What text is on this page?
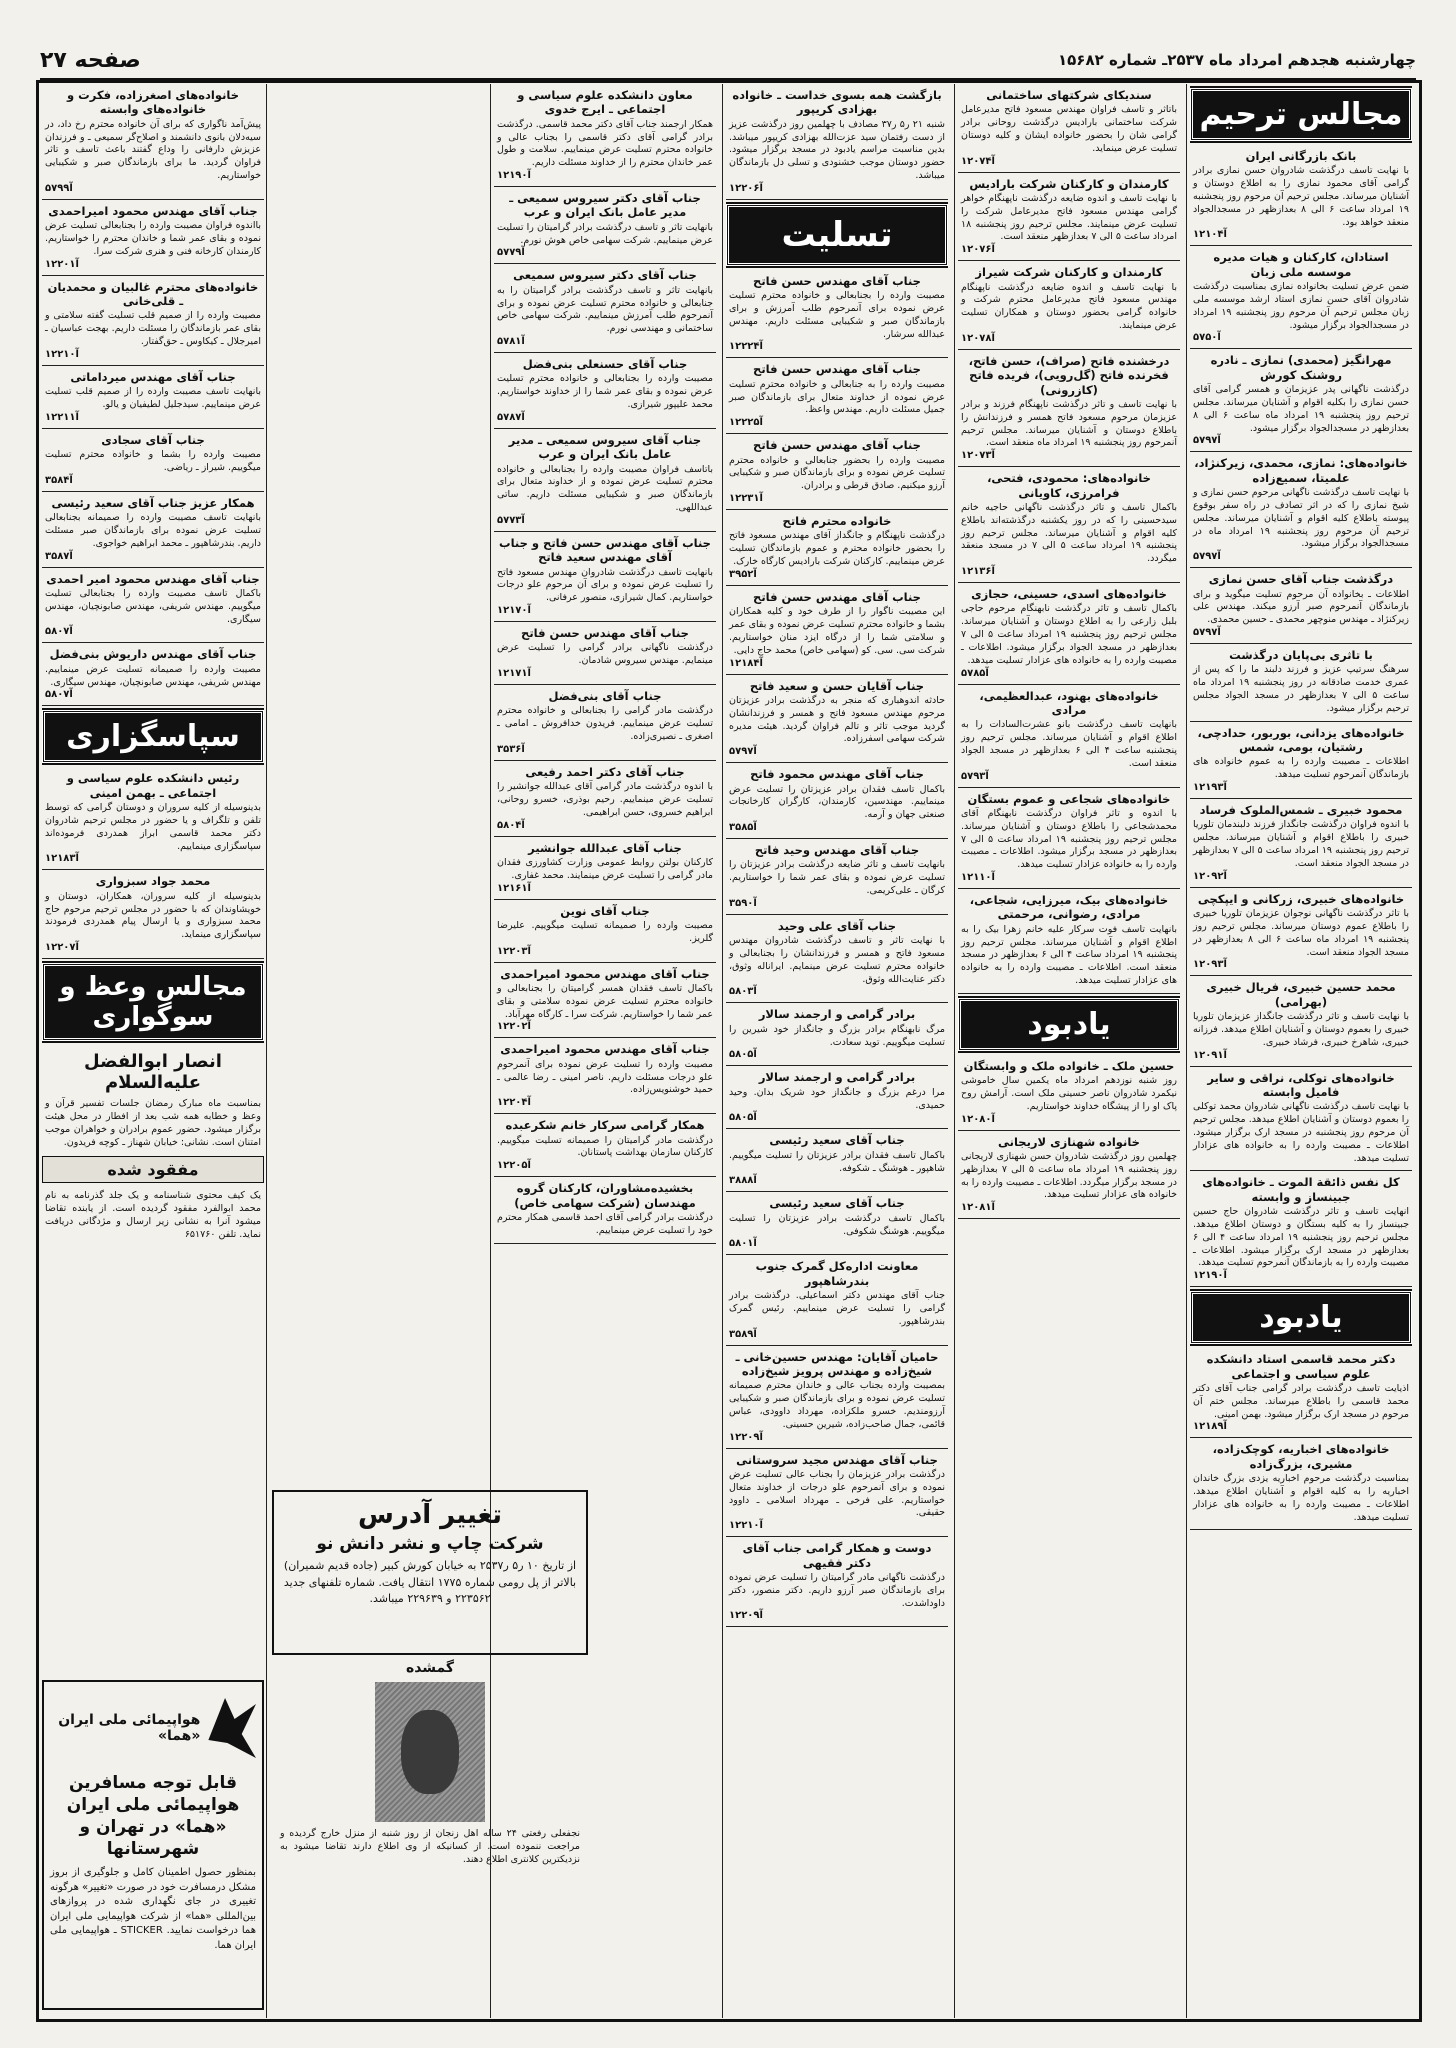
چهارشنبه هجدهم امرداد ماه ۲۵۳۷ـ شماره ۱۵۶۸۲
صفحه ۲۷
مجالس ترحیم
بانک بازرگانی ایران
با نهایت تاسف درگذشت شادروان حسن نمازی برادر گرامی آقای محمود نمازی را به اطلاع دوستان و آشنایان میرساند. مجلس ترحیم آن مرحوم روز پنجشنبه ۱۹ امرداد ساعت ۶ الی ۸ بعدازظهر در مسجدالجواد منعقد خواهد بود.
آ۱۲۱۰۴
استادان، کارکنان و هیات مدیره موسسه ملی زبان
ضمن عرض تسلیت بخانواده نمازی بمناسبت درگذشت شادروان آقای حسن نمازی استاد ارشد موسسه ملی زبان مجلس ترحیم آن مرحوم روز پنجشنبه ۱۹ امرداد در مسجدالجواد برگزار میشود.
آ۵۷۵۰
مهرانگیز (محمدی) نمازی ـ نادره روشنک کورش
درگذشت ناگهانی پدر عزیزمان و همسر گرامی آقای حسن نمازی را بکلیه اقوام و آشنایان میرساند. مجلس ترحیم روز پنجشنبه ۱۹ امرداد ماه ساعت ۶ الی ۸ بعدازظهر در مسجدالجواد برگزار میشود.
آ۵۷۹۷
خانواده‌های: نمازی، محمدی، زیرکنژاد، علمیتا، سمیع‌زاده
با نهایت تاسف درگذشت ناگهانی مرحوم حسن نمازی و شیخ نمازی را که در اثر تصادف در راه سفر بوقوع پیوسته باطلاع کلیه اقوام و آشنایان میرساند. مجلس ترحیم آن مرحوم روز پنجشنبه ۱۹ امرداد ماه در مسجدالجواد برگزار میشود.
آ۵۷۹۷
درگذشت جناب آقای حسن نمازی
اطلاعات ـ بخانواده آن مرحوم تسلیت میگوید و برای بازماندگان آنمرحوم صبر آرزو میکند. مهندس علی زیرکنژاد ـ مهندس منوچهر محمدی ـ حسین محمدی.
آ۵۷۹۷
با تاثری بی‌پایان درگذشت
سرهنگ سرتیپ عزیز و فرزند دلبند ما را که پس از عمری خدمت صادقانه در روز پنجشنبه ۱۹ امرداد ماه ساعت ۵ الی ۷ بعدازظهر در مسجد الجواد مجلس ترحیم برگزار میشود.
خانواده‌های یزدانی، بوربور، حدادچی، رشتیان، بومی، شمس
اطلاعات ـ مصیبت وارده را به عموم خانواده های بازماندگان آنمرحوم تسلیت میدهد.
آ۱۲۱۹۳
محمود خبیری ـ شمس‌الملوک فرساد
با اندوه فراوان درگذشت جانگداز فرزند دلبندمان تلوریا خبیری را باطلاع اقوام و آشنایان میرساند. مجلس ترحیم روز پنجشنبه ۱۹ امرداد ساعت ۵ الی ۷ بعدازظهر در مسجد الجواد منعقد است.
آ۱۲۰۹۲
خانواده‌های خبیری، زرکانی و ایپکچی
با تاثر درگذشت ناگهانی نوجوان عزیزمان تلوریا خبیری را باطلاع عموم دوستان میرساند. مجلس ترحیم روز پنجشنبه ۱۹ امرداد ماه ساعت ۶ الی ۸ بعدازظهر در مسجد الجواد منعقد است.
آ۱۲۰۹۳
محمد حسین خبیری، فریال خبیری (بهرامی)
با نهایت تاسف و تاثر درگذشت جانگداز عزیزمان تلوریا خبیری را بعموم دوستان و آشنایان اطلاع میدهد. فرزانه خبیری، شاهرخ خبیری، فرشاد خبیری.
آ۱۲۰۹۱
خانواده‌های توکلی، نراقی و سایر فامیل وابسته
با نهایت تاسف درگذشت ناگهانی شادروان محمد توکلی را بعموم دوستان و آشنایان اطلاع میدهد. مجلس ترحیم آن مرحوم روز پنجشنبه در مسجد ارک برگزار میشود. اطلاعات ـ مصیبت وارده را به خانواده های عزادار تسلیت میدهد.
کل نفس ذائقة الموت ـ خانواده‌های جبینساز و وابسته
انهایت تاسف و تاثر درگذشت شادروان حاج حسین جبینساز را به کلیه بستگان و دوستان اطلاع میدهد. مجلس ترحیم روز پنجشنبه ۱۹ امرداد ساعت ۴ الی ۶ بعدازظهر در مسجد ارک برگزار میشود. اطلاعات ـ مصیبت وارده را به بازماندگان آنمرحوم تسلیت میدهد.
آ۱۲۱۹۰
یادبود
دکتر محمد قاسمی استاد دانشکده علوم سیاسی و اجتماعی
اذیایت تاسف درگذشت برادر گرامی جناب آقای دکتر محمد قاسمی را باطلاع میرساند. مجلس ختم آن مرحوم در مسجد ارک برگزار میشود. بهمن امینی.
آ۱۲۱۸۹
خانواده‌های اخباریه، کوچک‌زاده، مشیری، بزرگ‌زاده
بمناسبت درگذشت مرحوم اخباریه یزدی بزرگ خاندان اخباریه را به کلیه اقوام و آشنایان اطلاع میدهد. اطلاعات ـ مصیبت وارده را به خانواده های عزادار تسلیت میدهد.
سندیکای شرکتهای ساختمانی
باتاثر و تاسف فراوان مهندس مسعود فاتح مدیرعامل شرکت ساختمانی بارادیس درگذشت روحانی برادر گرامی شان را بحضور خانواده ایشان و کلیه دوستان تسلیت عرض مینماید.
آ۱۲۰۷۴
کارمندان و کارکنان شرکت بارادیس
با نهایت تاسف و اندوه ضایعه درگذشت ناپهنگام خواهر گرامی مهندس مسعود فاتح مدیرعامل شرکت را تسلیت عرض مینمایند. مجلس ترحیم روز پنجشنبه ۱۸ امرداد ساعت ۵ الی ۷ بعدازظهر منعقد است.
آ۱۲۰۷۶
کارمندان و کارکنان شرکت شیراز
با نهایت تاسف و اندوه ضایعه درگذشت ناپهنگام مهندس مسعود فاتح مدیرعامل محترم شرکت و خانواده گرامی بحضور دوستان و همکاران تسلیت عرض مینمایند.
آ۱۲۰۷۸
درخشنده فاتح (صراف)، حسن فاتح، فخرنده فاتح (گل‌رویی)، فریده فاتح (کازرونی)
با نهایت تاسف و تاثر درگذشت ناپهنگام فرزند و برادر عزیزمان مرحوم مسعود فاتح همسر و فرزندانش را باطلاع دوستان و آشنایان میرساند. مجلس ترحیم آنمرحوم روز پنجشنبه ۱۹ امرداد ماه منعقد است.
آ۱۲۰۷۳
خانواده‌های: محمودی، فتحی، فرامرزی، کاویانی
باکمال تاسف و تاثر درگذشت ناگهانی حاجیه خانم سیدحسینی را که در روز یکشنبه درگذشته‌اند باطلاع کلیه اقوام و آشنایان میرساند. مجلس ترحیم روز پنجشنبه ۱۹ امرداد ساعت ۵ الی ۷ در مسجد منعقد میگردد.
آ۱۲۱۳۶
خانواده‌های اسدی، حسینی، حجازی
باکمال تاسف و تاثر درگذشت نابهنگام مرحوم حاجی بلبل زارعی را به اطلاع دوستان و آشنایان میرساند. مجلس ترحیم روز پنجشنبه ۱۹ امرداد ساعت ۵ الی ۷ بعدازظهر در مسجد الجواد برگزار میشود. اطلاعات ـ مصیبت وارده را به خانواده های عزادار تسلیت میدهد.
آ۵۷۸۵
خانواده‌های بهنود، عبدالعظیمی، مرادی
بانهایت تاسف درگذشت بانو عشرت‌السادات را به اطلاع اقوام و آشنایان میرساند. مجلس ترحیم روز پنجشنبه ساعت ۴ الی ۶ بعدازظهر در مسجد الجواد منعقد است.
آ۵۷۹۳
خانواده‌های شجاعی و عموم بستگان
با اندوه و تاثر فراوان درگذشت نابهنگام آقای محمدشجاعی را باطلاع دوستان و آشنایان میرساند. مجلس ترحیم روز پنجشنبه ۱۹ امرداد ساعت ۵ الی ۷ بعدازظهر در مسجد برگزار میشود. اطلاعات ـ مصیبت وارده را به خانواده عزادار تسلیت میدهد.
آ۱۲۱۱۰
خانواده‌های بیک، میرزایی، شجاعی، مرادی، رضوانی، مرحمتی
بانهایت تاسف فوت سرکار علیه خانم زهرا بیک را به اطلاع اقوام و آشنایان میرساند. مجلس ترحیم روز پنجشنبه ۱۹ امرداد ساعت ۴ الی ۶ بعدازظهر در مسجد منعقد است. اطلاعات ـ مصیبت وارده را به خانواده های عزادار تسلیت میدهد.
یادبود
حسین ملک ـ خانواده ملک و وابستگان
روز شنبه نوزدهم امرداد ماه یکمین سال خاموشی نیکمرد شادروان ناصر حسینی ملک است. آرامش روح پاک او را از پیشگاه خداوند خواستاریم.
آ۱۲۰۸۰
خانواده شهنازی لاریجانی
چهلمین روز درگذشت شادروان حسن شهنازی لاریجانی روز پنجشنبه ۱۹ امرداد ماه ساعت ۵ الی ۷ بعدازظهر در مسجد برگزار میگردد. اطلاعات ـ مصیبت وارده را به خانواده های عزادار تسلیت میدهد.
آ۱۲۰۸۱
بازگشت همه بسوی خداست ـ خانواده بهزادی کریپور
شنبه ۲۱ ر۵ ر۳۷ مصادف با چهلمین روز درگذشت عزیز از دست رفتمان سید عزت‌الله بهزادی کریپور میباشد. بدین مناسبت مراسم یادبود در مسجد برگزار میشود. حضور دوستان موجب خشنودی و تسلی دل بازماندگان میباشد.
آ۱۲۲۰۶
تسلیت
جناب آقای مهندس حسن فاتح
مصیبت وارده را بجنابعالی و خانواده محترم تسلیت عرض نموده برای آنمرحوم طلب آمرزش و برای بازماندگان صبر و شکیبایی مسئلت داریم. مهندس عبدالله سرشار.
آ۱۲۲۲۴
جناب آقای مهندس حسن فاتح
مصیبت وارده را به جنابعالی و خانواده محترم تسلیت عرض نموده از خداوند متعال برای بازماندگان صبر جمیل مسئلت داریم. مهندس واعظ.
آ۱۲۲۲۵
جناب آقای مهندس حسن فاتح
مصیبت وارده را بحضور جنابعالی و خانواده محترم تسلیت عرض نموده و برای بازماندگان صبر و شکیبایی آرزو میکنیم. صادق قرطی و برادران.
آ۱۲۲۳۱
خانواده محترم فاتح
درگذشت ناپهنگام و جانگداز آقای مهندس مسعود فاتح را بحضور خانواده محترم و عموم بازماندگان تسلیت عرض مینماییم. کارکنان شرکت بارادیس کارگاه خارک.
آ۳۹۵۲
جناب آقای مهندس حسن فاتح
این مصیبت ناگوار را از طرف خود و کلیه همکاران بشما و خانواده محترم تسلیت عرض نموده و بقای عمر و سلامتی شما را از درگاه ایزد منان خواستاریم. شرکت سی. سی. کو (سهامی خاص) محمد حاج دایی.
آ۱۲۱۸۴
جناب آقایان حسن و سعید فاتح
حادثه اندوهباری که منجر به درگذشت برادر عزیزتان مرحوم مهندس مسعود فاتح و همسر و فرزندانشان گردید موجب تاثر و تالم فراوان گردید. هیئت مدیره شرکت سهامی اسفرزاده.
آ۵۷۹۷
جناب آقای مهندس محمود فاتح
باکمال تاسف فقدان برادر عزیزتان را تسلیت عرض مینماییم. مهندسین، کارمندان، کارگران کارخانجات صنعتی جهان و آرمه.
آ۳۵۸۵
جناب آقای مهندس وحید فاتح
بانهایت تاسف و تاثر ضایعه درگذشت برادر عزیزتان را تسلیت عرض نموده و بقای عمر شما را خواستاریم. کرگان ـ علی‌کریمی.
آ۳۵۹۰
جناب آقای علی وحید
با نهایت تاثر و تاسف درگذشت شادروان مهندس مسعود فاتح و همسر و فرزندانشان را بجنابعالی و خانواده محترم تسلیت عرض مینمایم. ایراناله وثوق، دکتر عنایت‌الله وثوق.
آ۵۸۰۳
برادر گرامی و ارجمند سالار
مرگ نابهنگام برادر بزرگ و جانگداز خود شیرین را تسلیت میگوییم. توید سعادت.
آ۵۸۰۵
برادر گرامی و ارجمند سالار
مرا درغم بزرگ و جانگداز خود شریک بدان. وحید حمیدی.
آ۵۸۰۵
جناب آقای سعید رئیسی
باکمال تاسف فقدان برادر عزیزتان را تسلیت میگوییم. شاهپور ـ هوشنگ ـ شکوفه.
آ۳۸۸۸
جناب آقای سعید رئیسی
باکمال تاسف درگذشت برادر عزیزتان را تسلیت میگوییم. هوشنگ شکوفی.
آ۵۸۰۱
معاونت اداره‌کل گمرک جنوب بندرشاهپور
جناب آقای مهندس دکتر اسماعیلی. درگذشت برادر گرامی را تسلیت عرض مینماییم. رئیس گمرک بندرشاهپور.
آ۳۵۸۹
حامیان آقایان: مهندس حسین‌خانی ـ شیخ‌زاده و مهندس پرویز شیخ‌زاده
بمصیبت وارده بجناب عالی و خاندان محترم صمیمانه تسلیت عرض نموده و برای بازماندگان صبر و شکیبایی آرزومندیم. خسرو ملکزاده، مهرداد داوودی، عباس قائمی، جمال صاحب‌زاده، شیرین حسینی.
آ۱۲۲۰۹
جناب آقای مهندس مجید سروستانی
درگذشت برادر عزیزمان را بجناب عالی تسلیت عرض نموده و برای آنمرحوم علو درجات از خداوند متعال خواستاریم. علی فرخی ـ مهرداد اسلامی ـ داوود حقیقی.
آ۱۲۲۱۰
دوست و همکار گرامی جناب آقای دکتر فقیهی
درگذشت ناگهانی مادر گرامیتان را تسلیت عرض نموده برای بازماندگان صبر آرزو داریم. دکتر منصور، دکتر داوداشدت.
آ۱۲۲۰۹
معاون دانشکده علوم سیاسی و اجتماعی ـ ایرج خدوی
همکار ارجمند جناب آقای دکتر محمد قاسمی. درگذشت برادر گرامی آقای دکتر قاسمی را بجناب عالی و خانواده محترم تسلیت عرض مینماییم. سلامت و طول عمر خاندان محترم را از خداوند مسئلت داریم.
آ۱۲۱۹۰
جناب آقای دکتر سیروس سمیعی ـ مدیر عامل بانک ایران و عرب
بانهایت تاثر و تاسف درگذشت برادر گرامیتان را تسلیت عرض مینماییم. شرکت سهامی خاص هوش نورم.
آ۵۷۷۹
جناب آقای دکتر سیروس سمیعی
بانهایت تاثر و تاسف درگذشت برادر گرامیتان را به جنابعالی و خانواده محترم تسلیت عرض نموده و برای آنمرحوم طلب آمرزش مینماییم. شرکت سهامی خاص ساختمانی و مهندسی نورم.
آ۵۷۸۱
جناب آقای حسنعلی بنی‌فضل
مصیبت وارده را بجنابعالی و خانواده محترم تسلیت عرض نموده و بقای عمر شما را از خداوند خواستاریم. محمد علیپور شیرازی.
آ۵۷۸۷
جناب آقای سیروس سمیعی ـ مدیر عامل بانک ایران و عرب
باتاسف فراوان مصیبت وارده را بجنابعالی و خانواده محترم تسلیت عرض نموده و از خداوند متعال برای بازماندگان صبر و شکیبایی مسئلت داریم. ساتی عبداللهی.
آ۵۷۷۳
جناب آقای مهندس حسن فاتح و جناب آقای مهندس سعید فاتح
بانهایت تاسف درگذشت شادروان مهندس مسعود فاتح را تسلیت عرض نموده و برای آن مرحوم علو درجات خواستاریم. کمال شیرازی، منصور عرفانی.
آ۱۲۱۷۰
جناب آقای مهندس حسن فاتح
درگذشت ناگهانی برادر گرامی را تسلیت عرض مینمایم. مهندس سیروس شادمان.
آ۱۲۱۷۱
جناب آقای بنی‌فضل
درگذشت مادر گرامی را بجنابعالی و خانواده محترم تسلیت عرض مینماییم. فریدون خدافروش ـ امامی ـ اصغری ـ نصیری‌زاده.
آ۳۵۳۶
جناب آقای دکتر احمد رفیعی
با اندوه درگذشت مادر گرامی آقای عبدالله جوانشیر را تسلیت عرض مینماییم. رحیم بوذری، خسرو روحانی، ابراهیم خسروی، حسن ابراهیمی.
آ۵۸۰۴
جناب آقای عبدالله جوانشیر
کارکنان بولتن روابط عمومی وزارت کشاورزی فقدان مادر گرامی را تسلیت عرض مینمایند. محمد غفاری.
آ۱۲۱۶۱
جناب آقای نوین
مصیبت وارده را صمیمانه تسلیت میگوییم. علیرضا گلریز.
آ۱۲۲۰۳
جناب آقای مهندس محمود امیراحمدی
باکمال تاسف فقدان همسر گرامیتان را بجنابعالی و خانواده محترم تسلیت عرض نموده سلامتی و بقای عمر شما را خواستاریم. شرکت سرا ـ کارگاه مهرآباد.
آ۱۲۲۰۲
جناب آقای مهندس محمود امیراحمدی
مصیبت وارده را تسلیت عرض نموده برای آنمرحوم علو درجات مسئلت داریم. ناصر امینی ـ رضا عالمی ـ حمید خوشنویس‌زاده.
آ۱۲۲۰۴
همکار گرامی سرکار خانم شکرعبده
درگذشت مادر گرامیتان را صمیمانه تسلیت میگوییم. کارکنان سازمان بهداشت پاستانان.
آ۱۲۲۰۵
بخشیده‌مشاوران، کارکنان گروه مهندسان (شرکت سهامی خاص)
درگذشت برادر گرامی آقای احمد قاسمی همکار محترم خود را تسلیت عرض مینماییم.
خانواده‌های اصغرزاده، فکرت و خانواده‌های وابسته
پیش‌آمد ناگواری که برای آن خانواده محترم رخ داد، در سیه‌دلان بانوی دانشمند و اصلاح‌گر سمیعی ـ و فرزندان عزیزش دارفانی را وداع گفتند باعث تاسف و تاثر فراوان گردید. ما برای بازماندگان صبر و شکیبایی خواستاریم.
آ۵۷۹۹
جناب آقای مهندس محمود امیراحمدی
بااندوه فراوان مصیبت وارده را بجنابعالی تسلیت عرض نموده و بقای عمر شما و خاندان محترم را خواستاریم. کارمندان کارخانه فنی و هنری شرکت سرا.
آ۱۲۲۰۱
خانواده‌های محترم غالبیان و محمدیان ـ قلی‌خانی
مصیبت وارده را از صمیم قلب تسلیت گفته سلامتی و بقای عمر بازماندگان را مسئلت داریم. بهجت عباسیان ـ امیرجلال ـ کیکاوس ـ حق‌گفتار.
آ۱۲۲۱۰
جناب آقای مهندس میرداماتی
بانهایت تاسف مصیبت وارده را از صمیم قلب تسلیت عرض مینماییم. سیدجلیل لطیفیان و یالو.
آ۱۲۲۱۱
جناب آقای سجادی
مصیبت وارده را بشما و خانواده محترم تسلیت میگوییم. شیراز ـ ریاضی.
آ۳۵۸۴
همکار عزیز جناب آقای سعید رئیسی
بانهایت تاسف مصیبت وارده را صمیمانه بجنابعالی تسلیت عرض نموده برای بازماندگان صبر مسئلت داریم. بندرشاهپور ـ محمد ابراهیم خواجوی.
آ۳۵۸۷
جناب آقای مهندس محمود امیر احمدی
باکمال تاسف مصیبت وارده را بجنابعالی تسلیت میگوییم. مهندس شریفی، مهندس صابونچیان، مهندس سیگاری.
آ۵۸۰۷
جناب آقای مهندس داریوش بنی‌فضل
مصیبت وارده را صمیمانه تسلیت عرض مینماییم. مهندس شریفی، مهندس صابونچیان، مهندس سیگاری.
آ۵۸۰۷
سپاسگزاری
رئیس دانشکده علوم سیاسی و اجتماعی ـ بهمن امینی
بدینوسیله از کلیه سروران و دوستان گرامی که توسط تلفن و تلگراف و یا حضور در مجلس ترحیم شادروان دکتر محمد قاسمی ابراز همدردی فرموده‌اند سپاسگزاری مینماییم.
آ۱۲۱۸۳
محمد جواد سبزواری
بدینوسیله از کلیه سروران، همکاران، دوستان و خویشاوندان که با حضور در مجلس ترحیم مرحوم حاج محمد سبزواری و یا ارسال پیام همدردی فرمودند سپاسگزاری مینماید.
آ۱۲۲۰۷
مجالس وعظ و سوگواری
انصار ابوالفضل علیه‌السلام
بمناسبت ماه مبارک رمضان جلسات تفسیر قرآن و وعظ و خطابه همه شب بعد از افطار در محل هیئت برگزار میشود. حضور عموم برادران و خواهران موجب امتنان است. نشانی: خیابان شهناز ـ کوچه فریدون.
مفقود شده
یک کیف محتوی شناسنامه و یک جلد گذرنامه به نام محمد ابوالفرد مفقود گردیده است. از یابنده تقاضا میشود آنرا به نشانی زیر ارسال و مژدگانی دریافت نماید. تلفن ۶۵۱۷۶۰
تغییر آدرس
شرکت چاپ و نشر دانش نو
از تاریخ ۱۰ ر۵ ر۲۵۳۷ به خیابان کورش کبیر (جاده قدیم شمیران) بالاتر از پل رومی شماره ۱۷۷۵ انتقال یافت. شماره تلفنهای جدید ۲۲۳۵۶۲ و ۲۲۹۶۳۹ میباشد.
گمشده
نجفعلی رفعتی ۲۴ ساله اهل زنجان از روز شنبه از منزل خارج گردیده و مراجعت ننموده است. از کسانیکه از وی اطلاع دارند تقاضا میشود به نزدیکترین کلانتری اطلاع دهند.
هواپیمائی ملی ایران «هما»
قابل توجه مسافرین هواپیمائی ملی ایران «هما» در تهران و شهرستانها
بمنظور حصول اطمینان کامل و جلوگیری از بروز مشکل درمسافرت خود در صورت «تغییر» هرگونه تغییری در جای نگهداری شده در پروازهای بین‌المللی «هما» از شرکت هواپیمایی ملی ایران هما درخواست نمایید. STICKER ـ هواپیمایی ملی ایران هما.
